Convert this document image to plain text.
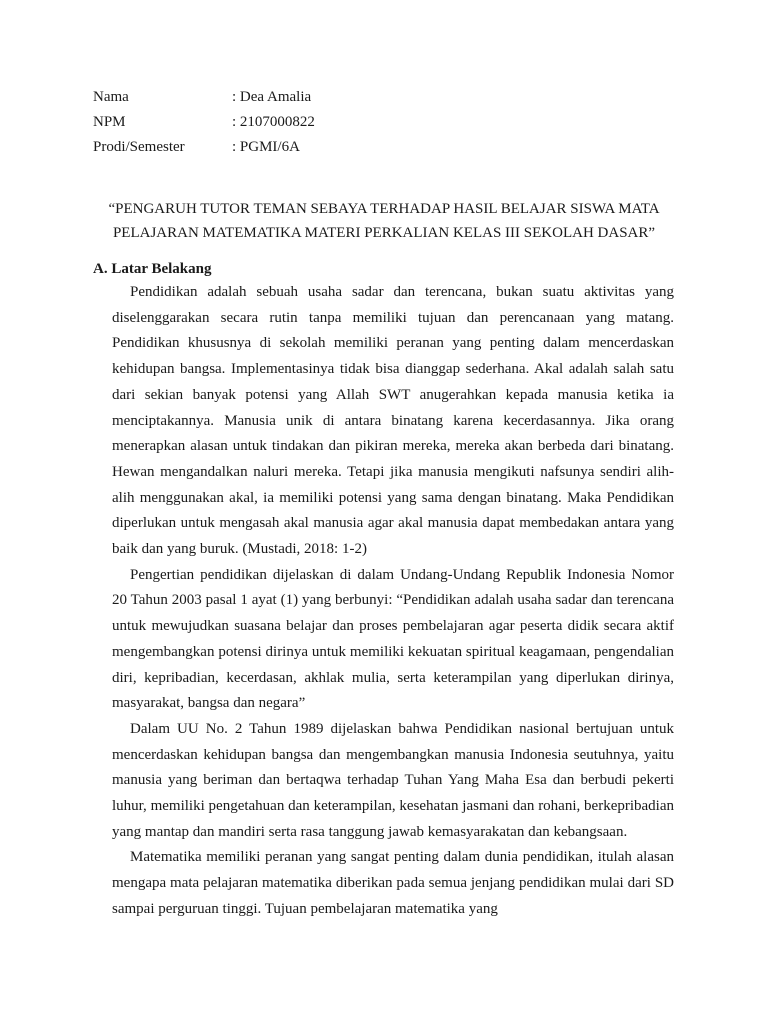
Nama	: Dea Amalia
NPM	: 2107000822
Prodi/Semester	: PGMI/6A
“PENGARUH TUTOR TEMAN SEBAYA TERHADAP HASIL BELAJAR SISWA MATA
PELAJARAN MATEMATIKA MATERI PERKALIAN KELAS III SEKOLAH DASAR”
A. Latar Belakang

Pendidikan adalah sebuah usaha sadar dan terencana, bukan suatu aktivitas yang diselenggarakan secara rutin tanpa memiliki tujuan dan perencanaan yang matang. Pendidikan khususnya di sekolah memiliki peranan yang penting dalam mencerdaskan kehidupan bangsa. Implementasinya tidak bisa dianggap sederhana. Akal adalah salah satu dari sekian banyak potensi yang Allah SWT anugerahkan kepada manusia ketika ia menciptakannya. Manusia unik di antara binatang karena kecerdasannya. Jika orang menerapkan alasan untuk tindakan dan pikiran mereka, mereka akan berbeda dari binatang. Hewan mengandalkan naluri mereka. Tetapi jika manusia mengikuti nafsunya sendiri alih-alih menggunakan akal, ia memiliki potensi yang sama dengan binatang. Maka Pendidikan diperlukan untuk mengasah akal manusia agar akal manusia dapat membedakan antara yang baik dan yang buruk. (Mustadi, 2018: 1-2)

Pengertian pendidikan dijelaskan di dalam Undang-Undang Republik Indonesia Nomor 20 Tahun 2003 pasal 1 ayat (1) yang berbunyi: “Pendidikan adalah usaha sadar dan terencana untuk mewujudkan suasana belajar dan proses pembelajaran agar peserta didik secara aktif mengembangkan potensi dirinya untuk memiliki kekuatan spiritual keagamaan, pengendalian diri, kepribadian, kecerdasan, akhlak mulia, serta keterampilan yang diperlukan dirinya, masyarakat, bangsa dan negara”

Dalam UU No. 2 Tahun 1989 dijelaskan bahwa Pendidikan nasional bertujuan untuk mencerdaskan kehidupan bangsa dan mengembangkan manusia Indonesia seutuhnya, yaitu manusia yang beriman dan bertaqwa terhadap Tuhan Yang Maha Esa dan berbudi pekerti luhur, memiliki pengetahuan dan keterampilan, kesehatan jasmani dan rohani, berkepribadian yang mantap dan mandiri serta rasa tanggung jawab kemasyarakatan dan kebangsaan.

Matematika memiliki peranan yang sangat penting dalam dunia pendidikan, itulah alasan mengapa mata pelajaran matematika diberikan pada semua jenjang pendidikan mulai dari SD sampai perguruan tinggi. Tujuan pembelajaran matematika yang
